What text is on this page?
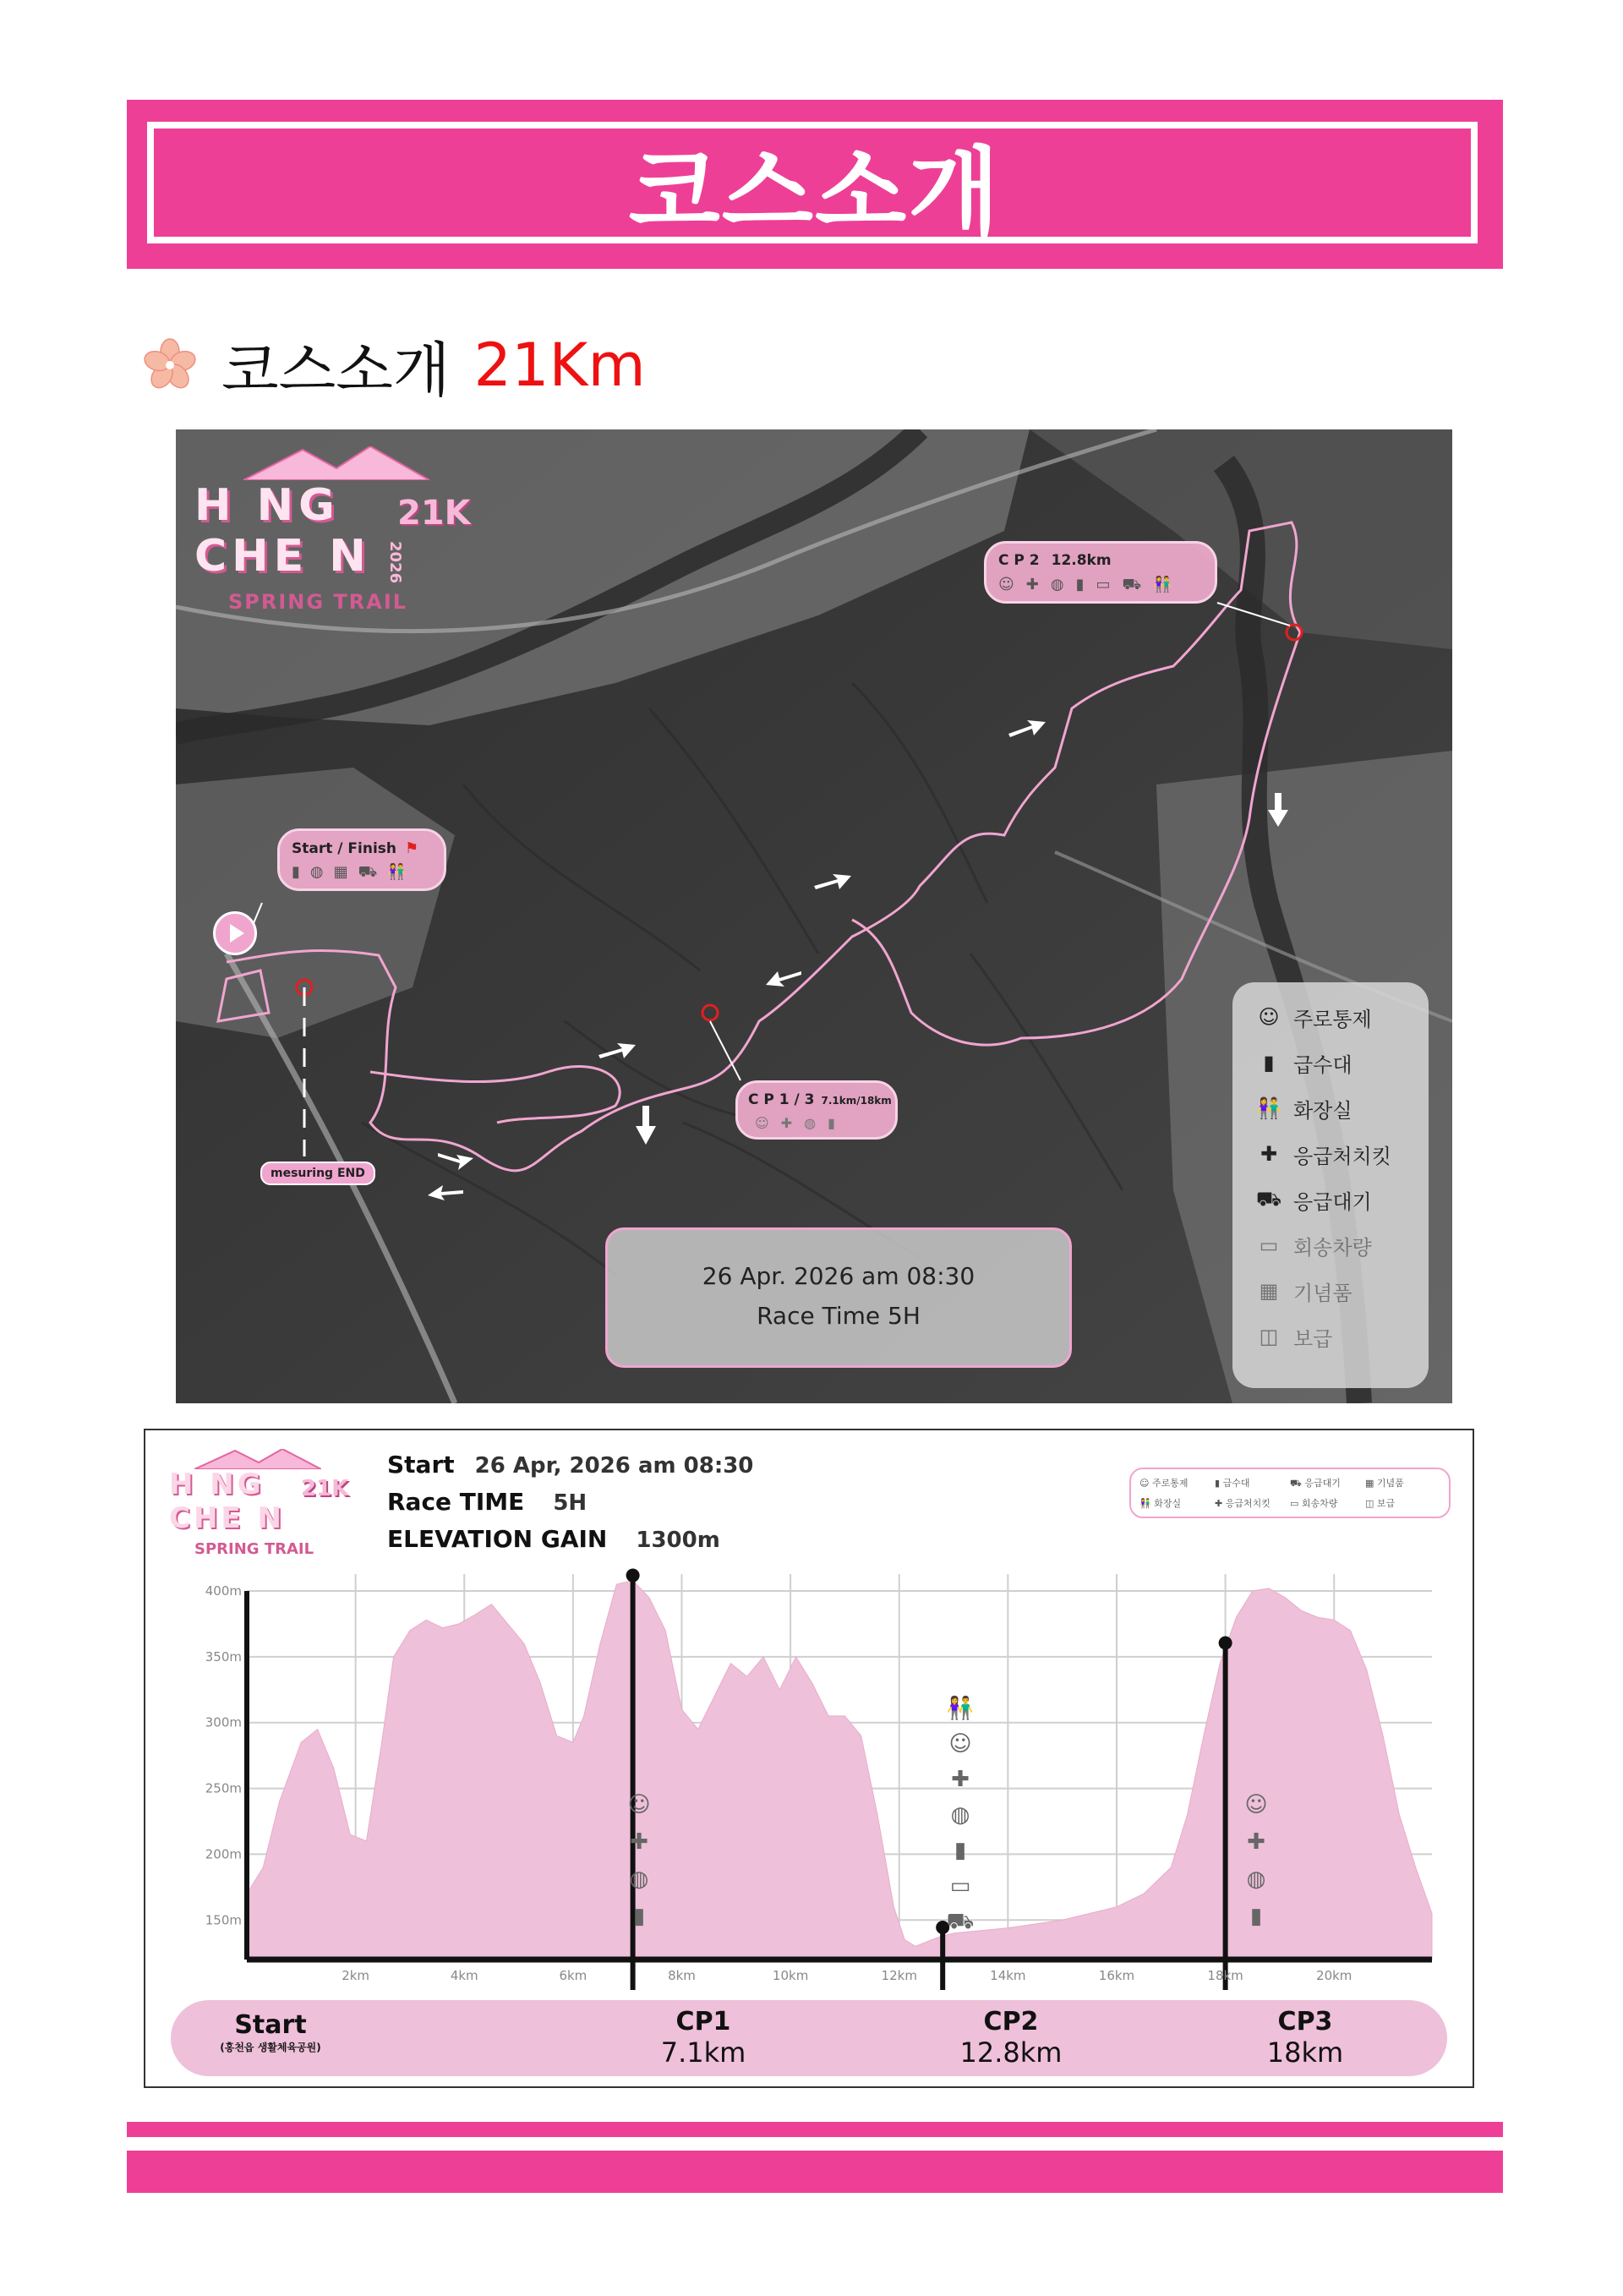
코스소개
코스소개 21Km
H NG 21K
CHE N 2026
SPRING TRAIL
C P 2 12.8km
☺ ✚ ◍ ▮ ▭ ⛟ 👫
Start / Finish ⚑
▮ ◍ ▦ ⛟ 👫
C P 1 / 3 7.1km/18km
☺ ✚ ◍ ▮
mesuring END
26 Apr. 2026 am 08:30
Race Time 5H
☺ 주로통제
▮ 급수대
👫 화장실
✚ 응급처치킷
⛟ 응급대기
▭ 회송차량
▦ 기념품
◫ 보급
H NG 21K
CHE N
SPRING TRAIL
Start 26 Apr, 2026 am 08:30
Race TIME 5H
ELEVATION GAIN 1300m
☺ 주로통제	▮ 급수대	⛟ 응급대기	▦ 기념품
👫 화장실	✚ 응급처치킷	▭ 회송차량	◫ 보급
400m
350m
300m
250m
200m
150m
2km	4km	6km	8km	10km	12km	14km	16km	18km	20km
☺
✚
◍
▮
👫
☺
✚
◍
▮
▭
⛟
☺
✚
◍
▮
Start
(홍천읍 생활체육공원)
CP1
7.1km
CP2
12.8km
CP3
18km
